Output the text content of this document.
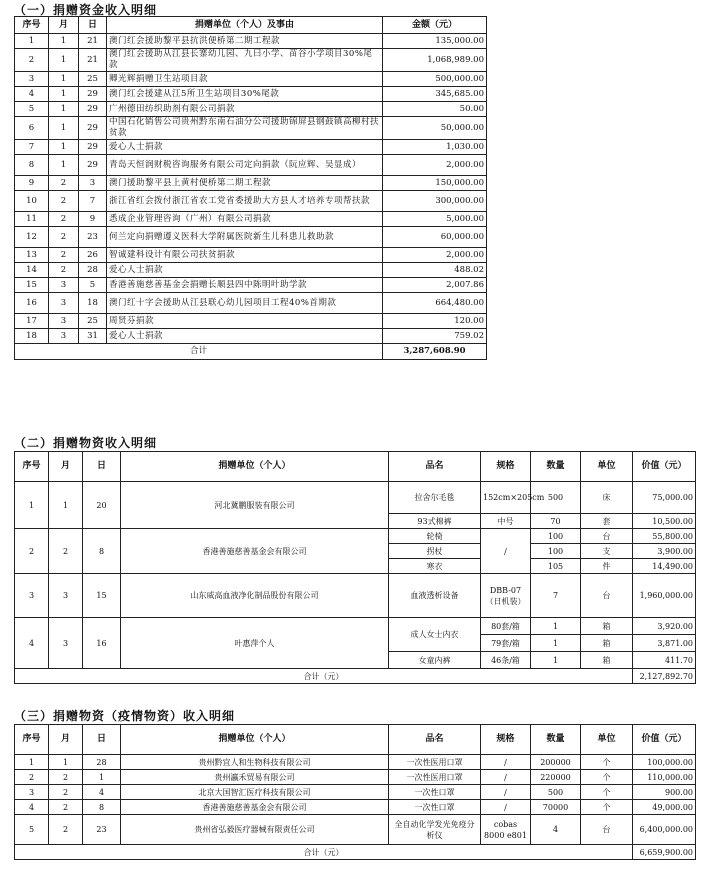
（一）捐赠资金收入明细
序号	月	日	捐赠单位（个人）及事由	金额（元）
1	1	21	澳门红会援助黎平县抗洪便桥第二期工程款	135,000.00
2	1	21	澳门红会援助从江县长寨幼儿园、九曰小学、苗谷小学项目30%尾款	1,068,989.00
3	1	25	卿光辉捐赠卫生站项目款	500,000.00
4	1	29	澳门红会援建从江5所卫生站项目30%尾款	345,685.00
5	1	29	广州德田纺织助剂有限公司捐款	50.00
6	1	29	中国石化销售公司贵州黔东南石油分公司援助锦屏县钢鼓镇高柳村扶贫款	50,000.00
7	1	29	爱心人士捐款	1,030.00
8	1	29	青岛天恒润财税咨询服务有限公司定向捐款（阮应辉、吴显成）	2,000.00
9	2	3	澳门援助黎平县上黄村便桥第二期工程款	150,000.00
10	2	7	浙江省红会拨付浙江省农工党省委援助大方县人才培养专项帮扶款	300,000.00
11	2	9	悉成企业管理咨询（广州）有限公司捐款	5,000.00
12	2	23	何兰定向捐赠遵义医科大学附属医院新生儿科患儿救助款	60,000.00
13	2	26	智诚建科设计有限公司扶贫捐款	2,000.00
14	2	28	爱心人士捐款	488.02
15	3	5	香港善施慈善基金会捐赠长顺县四中陈明叶助学款	2,007.86
16	3	18	澳门红十字会援助从江县联心幼儿园项目工程40%首期款	664,480.00
17	3	25	周贤芬捐款	120.00
18	3	31	爱心人士捐款	759.02
合计				3,287,608.90
（二）捐赠物资收入明细
序号	月	日	捐赠单位（个人）	品名	规格	数量	单位	价值（元）
1	1	20	河北冀鹏服装有限公司	拉舍尔毛毯	152cm×205cm	500	床	75,000.00
				93式棉裤	中号	70	套	10,500.00
2	2	8	香港善施慈善基金会有限公司	轮椅	/	100	台	55,800.00
				拐杖		100	支	3,900.00
				寒衣		105	件	14,490.00
3	3	15	山东威高血液净化制品股份有限公司	血液透析设备	DBB-07（日机装）	7	台	1,960,000.00
4	3	16	叶惠萍个人	成人女士内衣	80套/箱	1	箱	3,920.00
					79套/箱	1	箱	3,871.00
				女童内裤	46条/箱	1	箱	411.70
合计（元）								2,127,892.70
（三）捐赠物资（疫情物资）收入明细
序号	月	日	捐赠单位（个人）	品名	规格	数量	单位	价值（元）
1	1	28	贵州黔宜人和生物科技有限公司	一次性医用口罩	/	200000	个	100,000.00
2	2	1	贵州瀛禾贸易有限公司	一次性医用口罩	/	220000	个	110,000.00
3	2	4	北京大国智汇医疗科技有限公司	一次性口罩	/	500	个	900.00
4	2	8	香港善施慈善基金会有限公司	一次性口罩	/	70000	个	49,000.00
5	2	23	贵州省弘毅医疗器械有限责任公司	全自动化学发光免疫分析仪	cobas 8000 e801	4	台	6,400,000.00
合计（元）								6,659,900.00
